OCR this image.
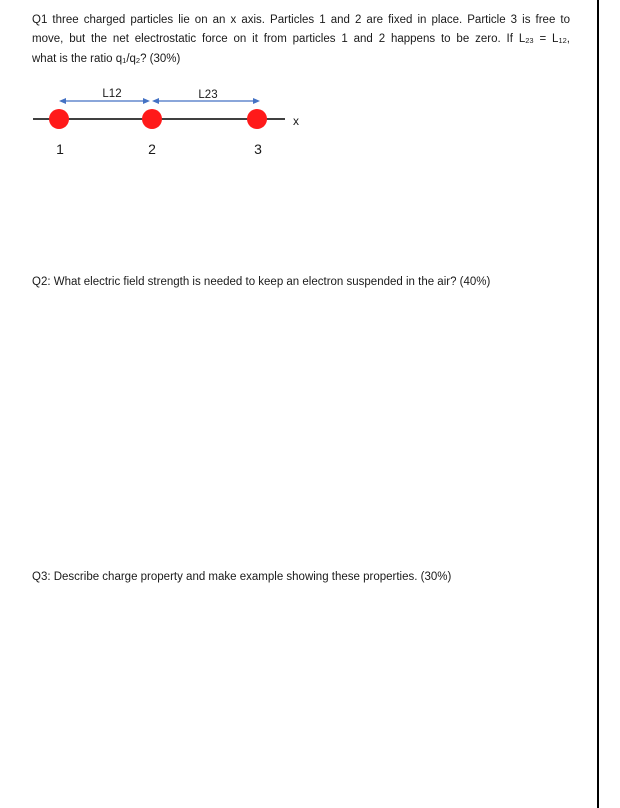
Q1 three charged particles lie on an x axis. Particles 1 and 2 are fixed in place. Particle 3 is free to
move, but the net electrostatic force on it from particles 1 and 2 happens to be zero. If L23 = L12,
what is the ratio q1/q2? (30%)

L12	L23
x
1	2	3

Q2: What electric field strength is needed to keep an electron suspended in the air? (40%)

Q3: Describe charge property and make example showing these properties. (30%)
